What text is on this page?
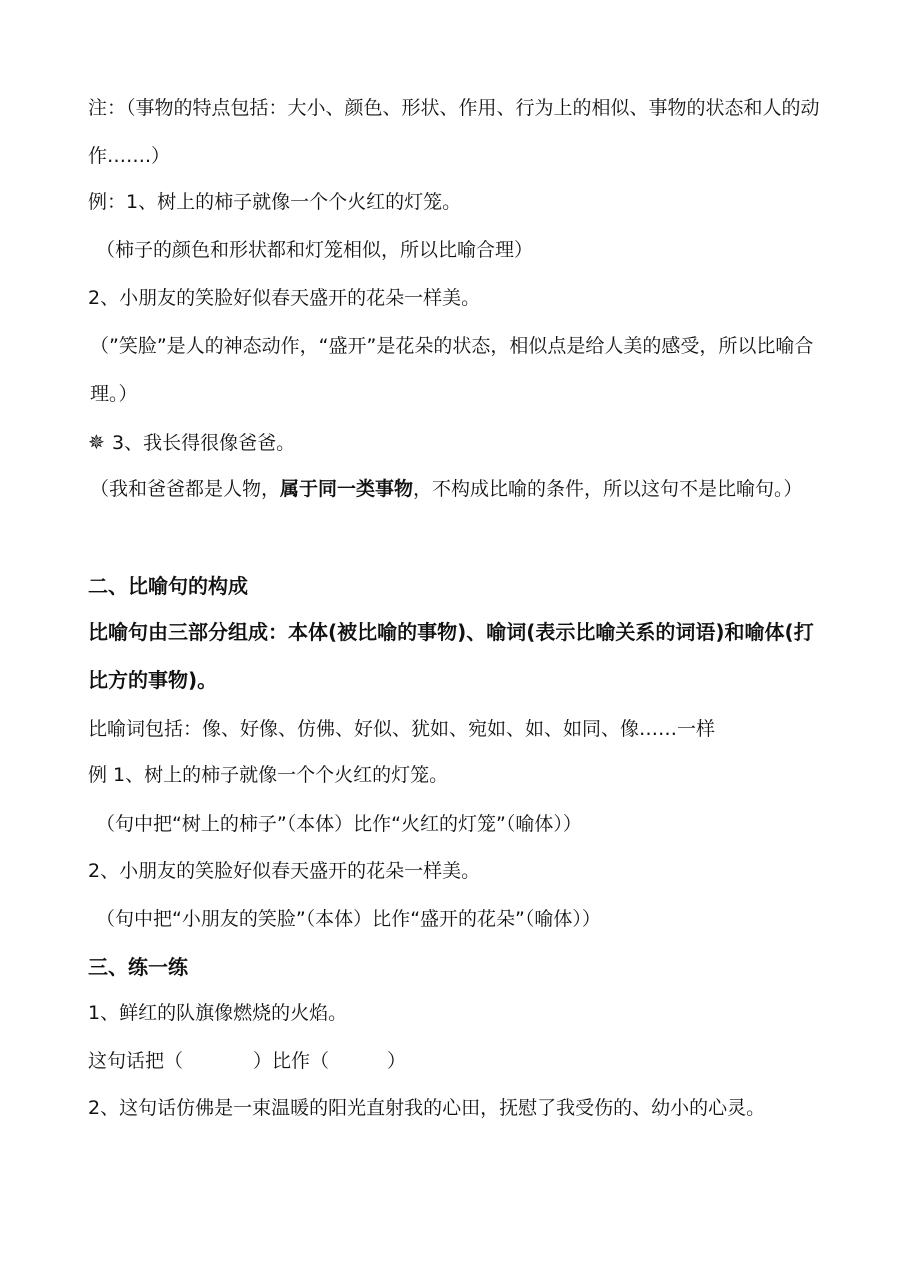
注：（事物的特点包括：大小、颜色、形状、作用、行为上的相似、事物的状态和人的动作…….）
例：1、树上的柿子就像一个个火红的灯笼。
（柿子的颜色和形状都和灯笼相似，所以比喻合理）
2、小朋友的笑脸好似春天盛开的花朵一样美。
（”笑脸”是人的神态动作，“盛开”是花朵的状态，相似点是给人美的感受，所以比喻合理。）
✵ 3、我长得很像爸爸。
（我和爸爸都是人物，属于同一类事物，不构成比喻的条件，所以这句不是比喻句。）
二、比喻句的构成
比喻句由三部分组成：本体(被比喻的事物)、喻词(表示比喻关系的词语)和喻体(打比方的事物)。
比喻词包括：像、好像、仿佛、好似、犹如、宛如、如、如同、像……一样
例 1、树上的柿子就像一个个火红的灯笼。
（句中把“树上的柿子”（本体）比作“火红的灯笼”（喻体））
2、小朋友的笑脸好似春天盛开的花朵一样美。
（句中把“小朋友的笑脸”（本体）比作“盛开的花朵”（喻体））
三、练一练
1、鲜红的队旗像燃烧的火焰。
这句话把（	）比作（	）
2、这句话仿佛是一束温暖的阳光直射我的心田，抚慰了我受伤的、幼小的心灵。
